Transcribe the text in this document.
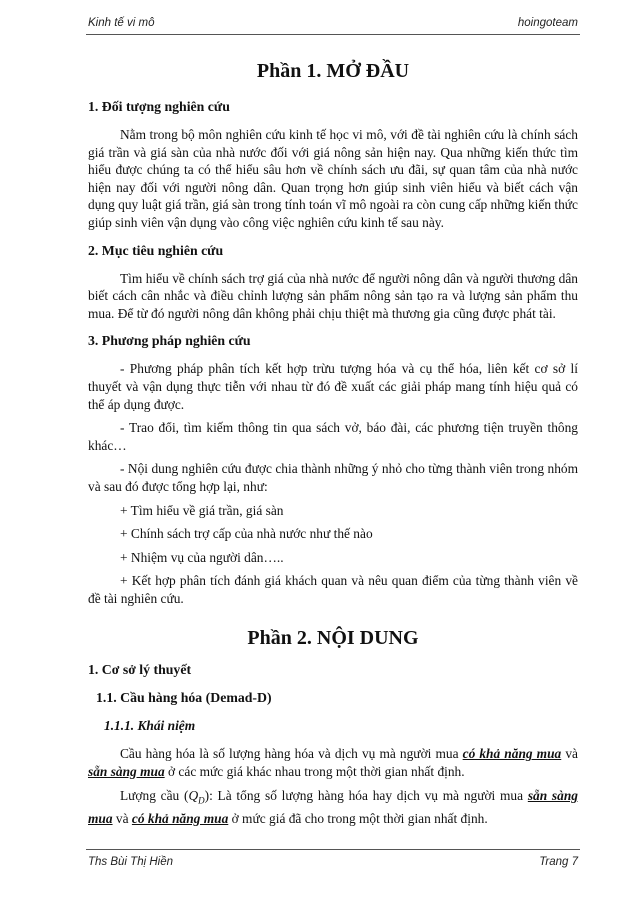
Kinh tế vi mô	hoingoteam
Phần 1. MỞ ĐẦU
1. Đối tượng nghiên cứu

Nằm trong bộ môn nghiên cứu kinh tế học vi mô, với đề tài nghiên cứu là chính sách giá trần và giá sàn của nhà nước đối với giá nông sản hiện nay. Qua những kiến thức tìm hiểu được chúng ta có thể hiểu sâu hơn về chính sách ưu đãi, sự quan tâm của nhà nước hiện nay đối với người nông dân. Quan trọng hơn giúp sinh viên hiểu và biết cách vận dụng quy luật giá trần, giá sàn trong tính toán vĩ mô ngoài ra còn cung cấp những kiến thức giúp sinh viên vận dụng vào công việc nghiên cứu kinh tế sau này.

2. Mục tiêu nghiên cứu

Tìm hiểu về chính sách trợ giá của nhà nước để người nông dân và người thương dân biết cách cân nhắc và điều chỉnh lượng sản phẩm nông sản tạo ra và lượng sản phẩm thu mua. Để từ đó người nông dân không phải chịu thiệt mà thương gia cũng được phát tài.

3. Phương pháp nghiên cứu

- Phương pháp phân tích kết hợp trừu tượng hóa và cụ thể hóa, liên kết cơ sở lí thuyết và vận dụng thực tiễn với nhau từ đó đề xuất các giải pháp mang tính hiệu quả có thể áp dụng được.

- Trao đổi, tìm kiếm thông tin qua sách vở, báo đài, các phương tiện truyền thông khác…

- Nội dung nghiên cứu được chia thành những ý nhỏ cho từng thành viên trong nhóm và sau đó được tổng hợp lại, như:

+ Tìm hiểu về giá trần, giá sàn

+ Chính sách trợ cấp của nhà nước như thế nào

+ Nhiệm vụ của người dân…..

+ Kết hợp phân tích đánh giá khách quan và nêu quan điểm của từng thành viên về đề tài nghiên cứu.

Phần 2. NỘI DUNG
1. Cơ sở lý thuyết
1.1. Cầu hàng hóa (Demad-D)
1.1.1. Khái niệm

Cầu hàng hóa là số lượng hàng hóa và dịch vụ mà người mua có khả năng mua và sẵn sàng mua ở các mức giá khác nhau trong một thời gian nhất định.

Lượng cầu $(Q_D)$: Là tổng số lượng hàng hóa hay dịch vụ mà người mua sẵn sàng mua và có khả năng mua ở mức giá đã cho trong một thời gian nhất định.

Ths Bùi Thị Hiền	Trang 7
